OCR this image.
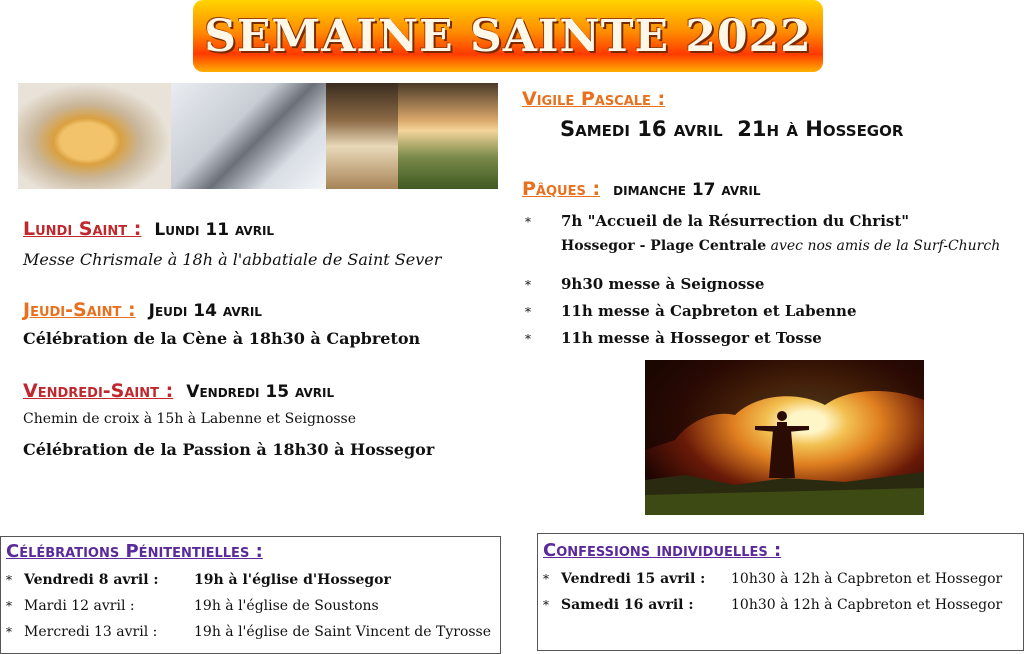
SEMAINE SAINTE 2022
Lundi Saint : Lundi 11 avril
Messe Chrismale à 18h à l'abbatiale de Saint Sever
Jeudi-Saint : Jeudi 14 avril
Célébration de la Cène à 18h30 à Capbreton
Vendredi-Saint : Vendredi 15 avril
Chemin de croix à 15h à Labenne et Seignosse
Célébration de la Passion à 18h30 à Hossegor
Vigile Pascale :
Samedi 16 avril  21h à Hossegor
Pâques : dimanche 17 avril
* 7h "Accueil de la Résurrection du Christ"
Hossegor - Plage Centrale avec nos amis de la Surf-Church
* 9h30 messe à Seignosse
* 11h messe à Capbreton et Labenne
* 11h messe à Hossegor et Tosse
Célébrations Pénitentielles :
* Vendredi 8 avril :	19h à l'église d'Hossegor
* Mardi 12 avril :	19h à l'église de Soustons
* Mercredi 13 avril :	19h à l'église de Saint Vincent de Tyrosse
Confessions individuelles :
* Vendredi 15 avril : 10h30 à 12h à Capbreton et Hossegor
* Samedi 16 avril :	10h30 à 12h à Capbreton et Hossegor
